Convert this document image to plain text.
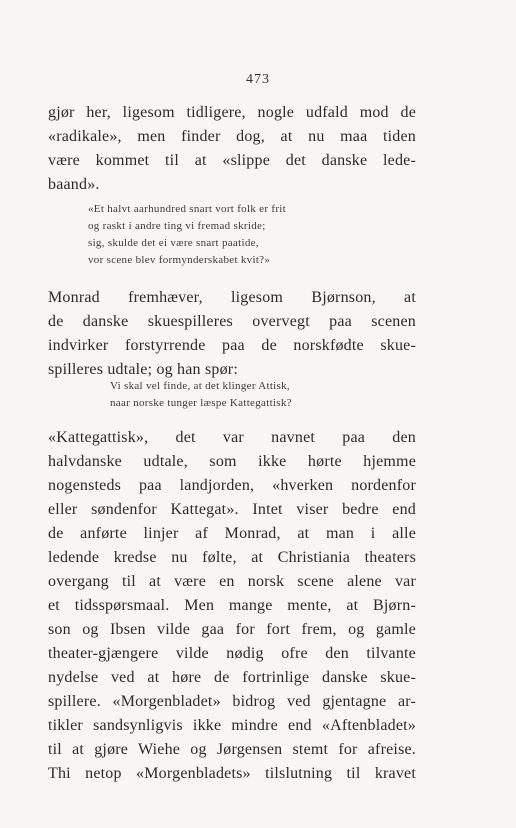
473
gjør her, ligesom tidligere, nogle udfald mod de
«radikale», men finder dog, at nu maa tiden
være kommet til at «slippe det danske lede-
baand».
«Et halvt aarhundred snart vort folk er frit
og raskt i andre ting vi fremad skride;
sig, skulde det ei være snart paatide,
vor scene blev formynderskabet kvit?»
Monrad fremhæver, ligesom Bjørnson, at
de danske skuespilleres overvegt paa scenen
indvirker forstyrrende paa de norskfødte skue-
spilleres udtale; og han spør:
Vi skal vel finde, at det klinger Attisk,
naar norske tunger læspe Kattegattisk?
«Kattegattisk», det var navnet paa den
halvdanske udtale, som ikke hørte hjemme
nogensteds paa landjorden, «hverken nordenfor
eller søndenfor Kattegat». Intet viser bedre end
de anførte linjer af Monrad, at man i alle
ledende kredse nu følte, at Christiania theaters
overgang til at være en norsk scene alene var
et tidsspørsmaal. Men mange mente, at Bjørn-
son og Ibsen vilde gaa for fort frem, og gamle
theater-gjængere vilde nødig ofre den tilvante
nydelse ved at høre de fortrinlige danske skue-
spillere. «Morgenbladet» bidrog ved gjentagne ar-
tikler sandsynligvis ikke mindre end «Aftenbladet»
til at gjøre Wiehe og Jørgensen stemt for afreise.
Thi netop «Morgenbladets» tilslutning til kravet
